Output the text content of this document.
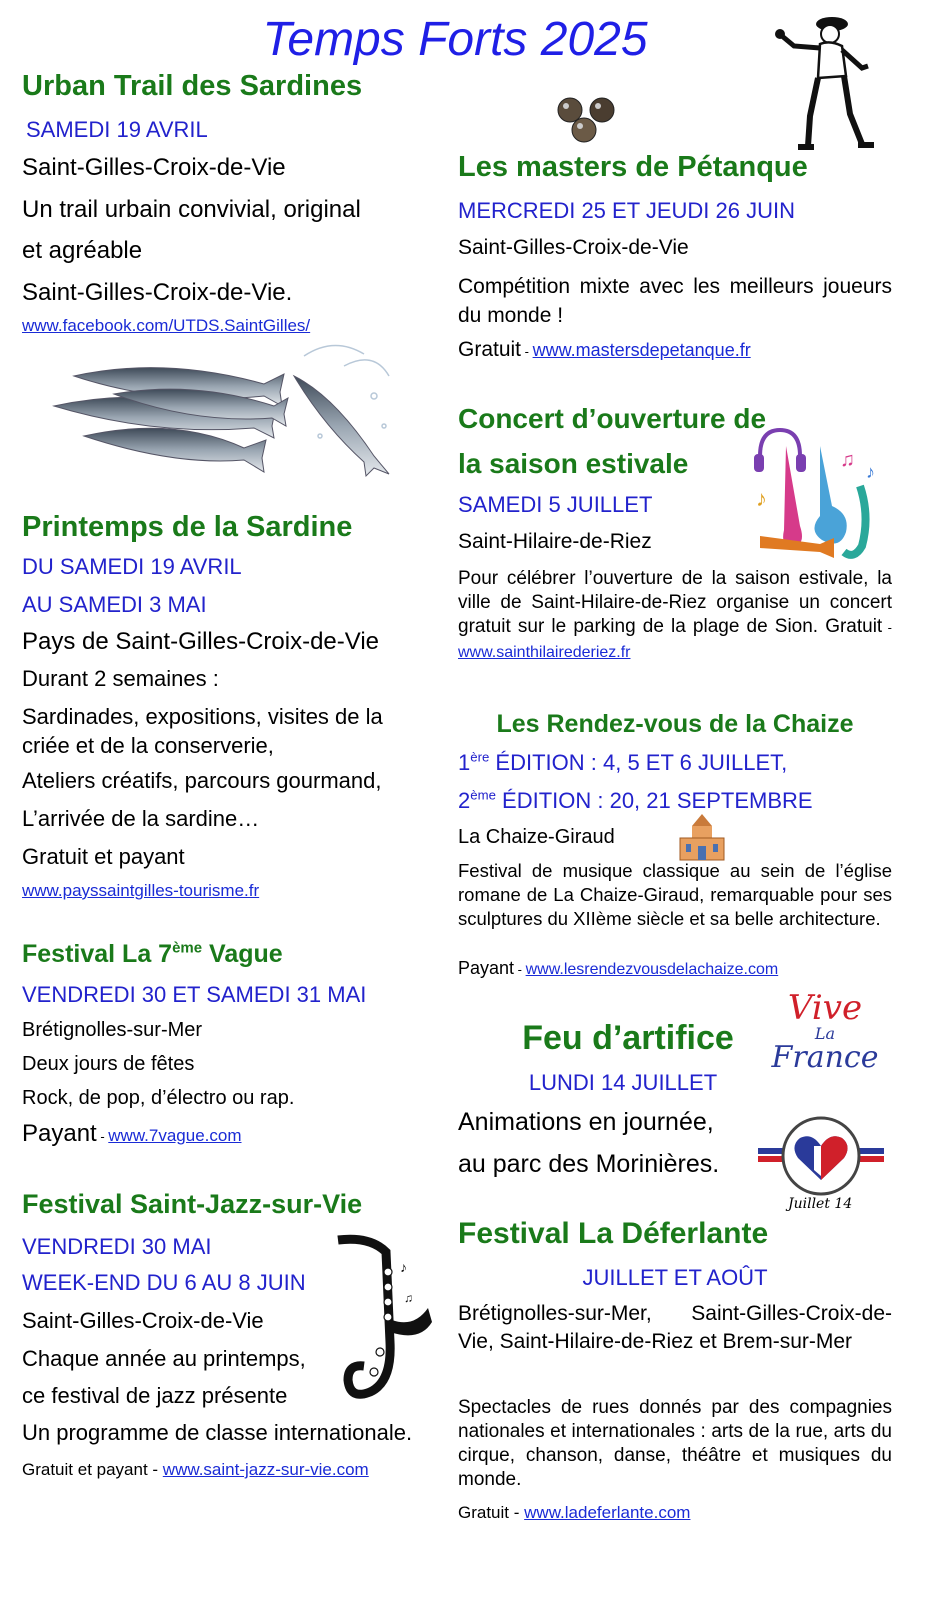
Temps Forts 2025
Urban Trail des Sardines
SAMEDI 19 AVRIL
Saint-Gilles-Croix-de-Vie
Un trail urbain convivial, original
et agréable
Saint-Gilles-Croix-de-Vie.
www.facebook.com/UTDS.SaintGilles/
Printemps de la Sardine
DU SAMEDI 19 AVRIL
AU SAMEDI 3 MAI
Pays de Saint-Gilles-Croix-de-Vie
Durant 2 semaines :
Sardinades, expositions, visites de la
criée et de la conserverie,
Ateliers créatifs, parcours gourmand,
L’arrivée de la sardine…
Gratuit et payant
www.payssaintgilles-tourisme.fr
Festival La 7ème Vague
VENDREDI 30 ET SAMEDI 31 MAI
Brétignolles-sur-Mer
Deux jours de fêtes
Rock, de pop, d’électro ou rap.
Payant - www.7vague.com
Festival Saint-Jazz-sur-Vie
VENDREDI 30 MAI
WEEK-END DU 6 AU 8 JUIN
Saint-Gilles-Croix-de-Vie
Chaque année au printemps,
ce festival de jazz présente
Un programme de classe internationale.
Gratuit et payant - www.saint-jazz-sur-vie.com
♪
♫
Les masters de Pétanque
MERCREDI 25 ET JEUDI 26 JUIN
Saint-Gilles-Croix-de-Vie
Compétition mixte avec les meilleurs joueurs du monde !
Gratuit - www.mastersdepetanque.fr
Concert d’ouverture de
la saison estivale
SAMEDI 5 JUILLET
Saint-Hilaire-de-Riez
♪
♫
♪
Pour célébrer l’ouverture de la saison estivale, la ville de Saint-Hilaire-de-Riez organise un concert gratuit sur le parking de la plage de Sion. Gratuit - www.sainthilairederiez.fr
Les Rendez-vous de la Chaize
1ère ÉDITION : 4, 5 ET 6 JUILLET,
2ème ÉDITION : 20, 21 SEPTEMBRE
La Chaize-Giraud
Festival de musique classique au sein de l’église romane de La Chaize-Giraud, remarquable pour ses sculptures du XIIème siècle et sa belle architecture.
Payant - www.lesrendezvousdelachaize.com
Feu d’artifice
LUNDI 14 JUILLET
Animations en journée,
au parc des Morinières.
Vive
La
France
Juillet 14
Festival La Déferlante
JUILLET ET AOÛT
Brétignolles-sur-Mer, Saint-Gilles-Croix-de-Vie, Saint-Hilaire-de-Riez et Brem-sur-Mer
Spectacles de rues donnés par des compagnies nationales et internationales : arts de la rue, arts du cirque, chanson, danse, théâtre et musiques du monde.
Gratuit - www.ladeferlante.com
